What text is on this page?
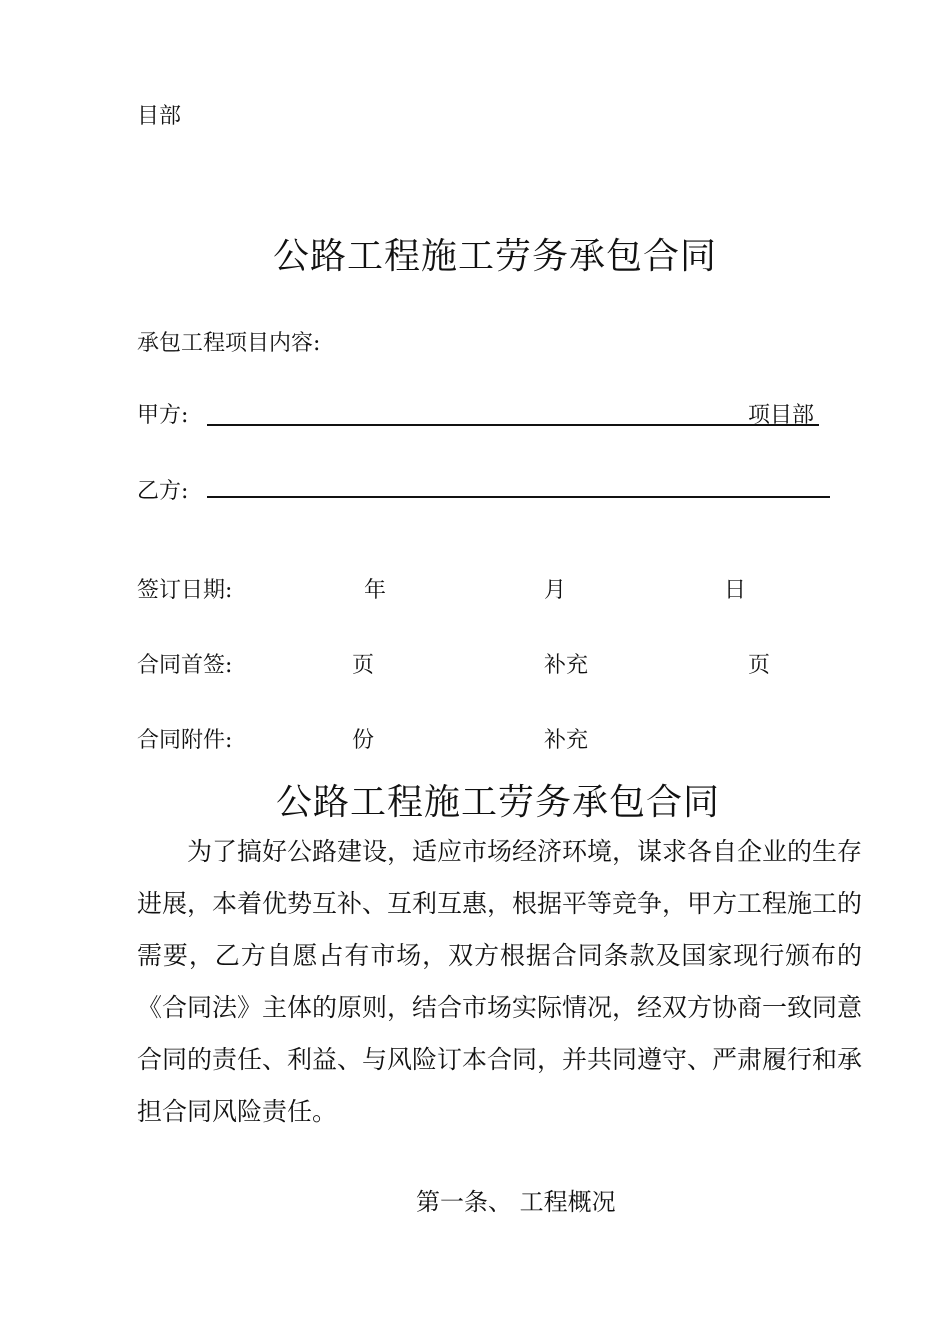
目部
公路工程施工劳务承包合同
承包工程项目内容:
甲方:	项目部
乙方:
签订日期:	年	月	日
合同首签:	页	补充	页
合同附件:	份	补充
公路工程施工劳务承包合同

为了搞好公路建设，适应市场经济环境，谋求各自企业的生存进展，本着优势互补、互利互惠，根据平等竞争，甲方工程施工的需要，乙方自愿占有市场，双方根据合同条款及国家现行颁布的《合同法》主体的原则，结合市场实际情况，经双方协商一致同意合同的责任、利益、与风险订本合同，并共同遵守、严肃履行和承担合同风险责任。

第一条、 工程概况
